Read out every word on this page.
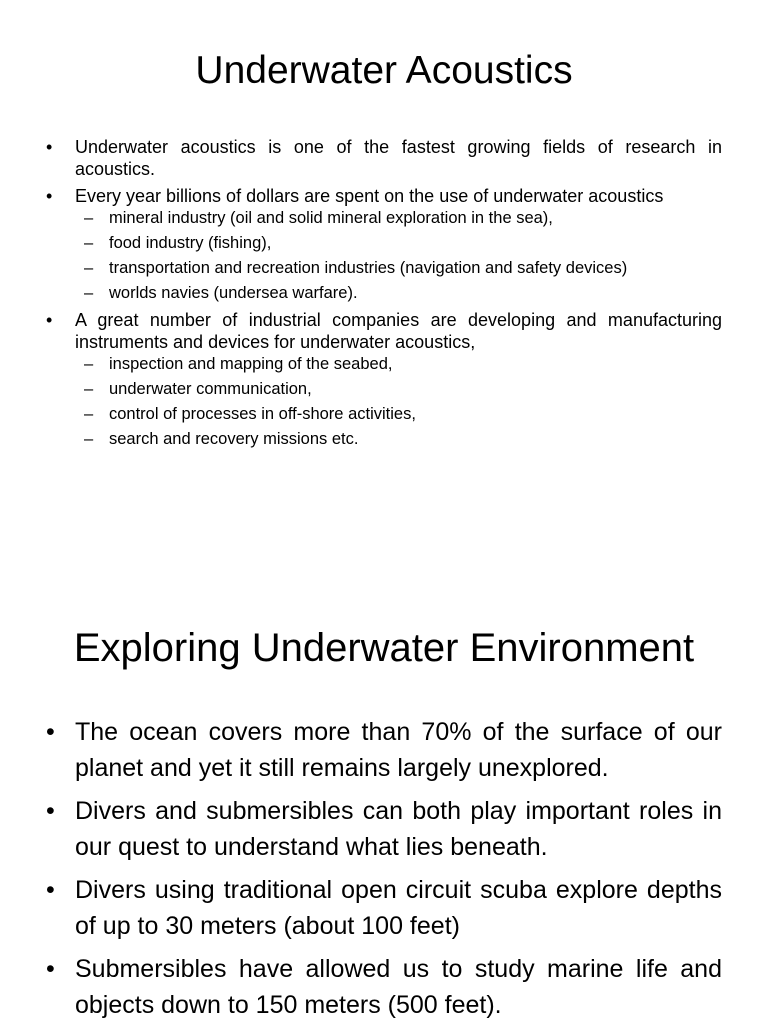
Underwater Acoustics
• Underwater acoustics is one of the fastest growing fields of research in acoustics.
• Every year billions of dollars are spent on the use of underwater acoustics
– mineral industry (oil and solid mineral exploration in the sea),
– food industry (fishing),
– transportation and recreation industries (navigation and safety devices)
– worlds navies (undersea warfare).
• A great number of industrial companies are developing and manufacturing instruments and devices for underwater acoustics,
– inspection and mapping of the seabed,
– underwater communication,
– control of processes in off-shore activities,
– search and recovery missions etc.
Exploring Underwater Environment
• The ocean covers more than 70% of the surface of our planet and yet it still remains largely unexplored.
• Divers and submersibles can both play important roles in our quest to understand what lies beneath.
• Divers using traditional open circuit scuba explore depths of up to 30 meters (about 100 feet)
• Submersibles have allowed us to study marine life and objects down to 150 meters (500 feet).
